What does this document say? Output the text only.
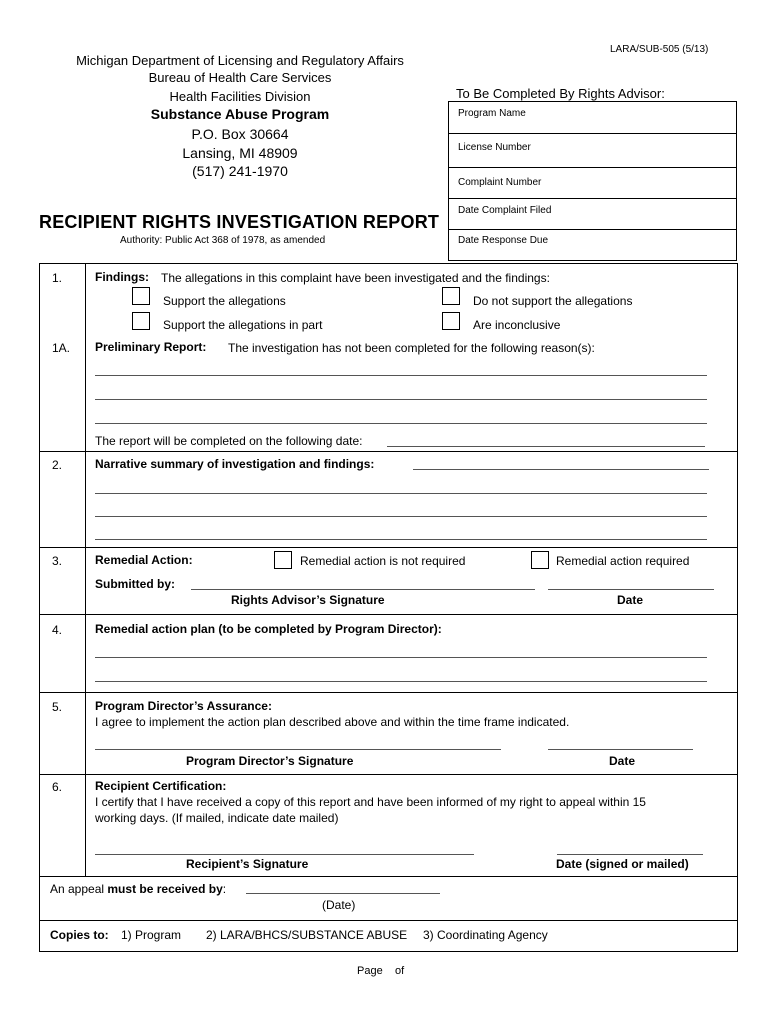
LARA/SUB-505 (5/13)
Michigan Department of Licensing and Regulatory Affairs
Bureau of Health Care Services
Health Facilities Division
Substance Abuse Program
P.O. Box 30664
Lansing, MI 48909
(517) 241-1970
RECIPIENT RIGHTS INVESTIGATION REPORT
Authority: Public Act 368 of 1978, as amended
To Be Completed By Rights Advisor:
Program Name
License Number
Complaint Number
Date Complaint Filed
Date Response Due
1.	Findings: The allegations in this complaint have been investigated and the findings:
Support the allegations	Do not support the allegations
Support the allegations in part	Are inconclusive
1A. Preliminary Report: The investigation has not been completed for the following reason(s):
The report will be completed on the following date:
2.	Narrative summary of investigation and findings:
3.	Remedial Action:	Remedial action is not required	Remedial action required
Submitted by:
Rights Advisor’s Signature	Date
4.	Remedial action plan (to be completed by Program Director):
5.	Program Director’s Assurance:
I agree to implement the action plan described above and within the time frame indicated.
Program Director’s Signature	Date
6.	Recipient Certification:
I certify that I have received a copy of this report and have been informed of my right to appeal within 15
working days. (If mailed, indicate date mailed)
Recipient’s Signature	Date (signed or mailed)
An appeal must be received by:
(Date)
Copies to: 1) Program 2) LARA/BHCS/SUBSTANCE ABUSE 3) Coordinating Agency
Page of
